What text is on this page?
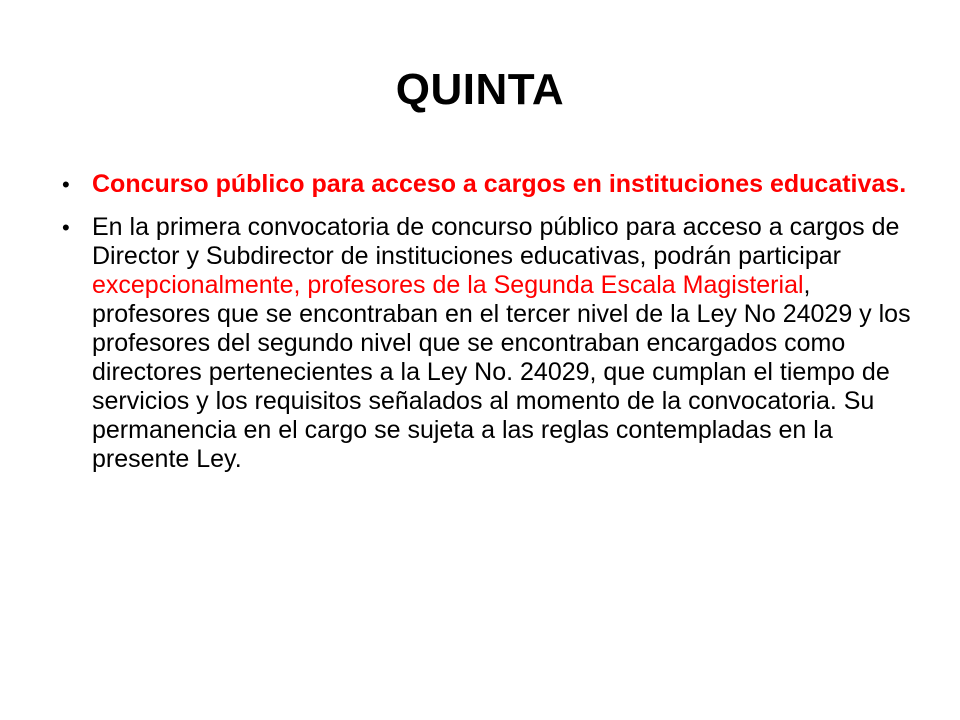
QUINTA
• Concurso público para acceso a cargos en instituciones educativas.
• En la primera convocatoria de concurso público para acceso a cargos de Director y Subdirector de instituciones educativas, podrán participar excepcionalmente, profesores de la Segunda Escala Magisterial, profesores que se encontraban en el tercer nivel de la Ley No 24029 y los profesores del segundo nivel que se encontraban encargados como directores pertenecientes a la Ley No. 24029, que cumplan el tiempo de servicios y los requisitos señalados al momento de la convocatoria. Su permanencia en el cargo se sujeta a las reglas contempladas en la presente Ley.
